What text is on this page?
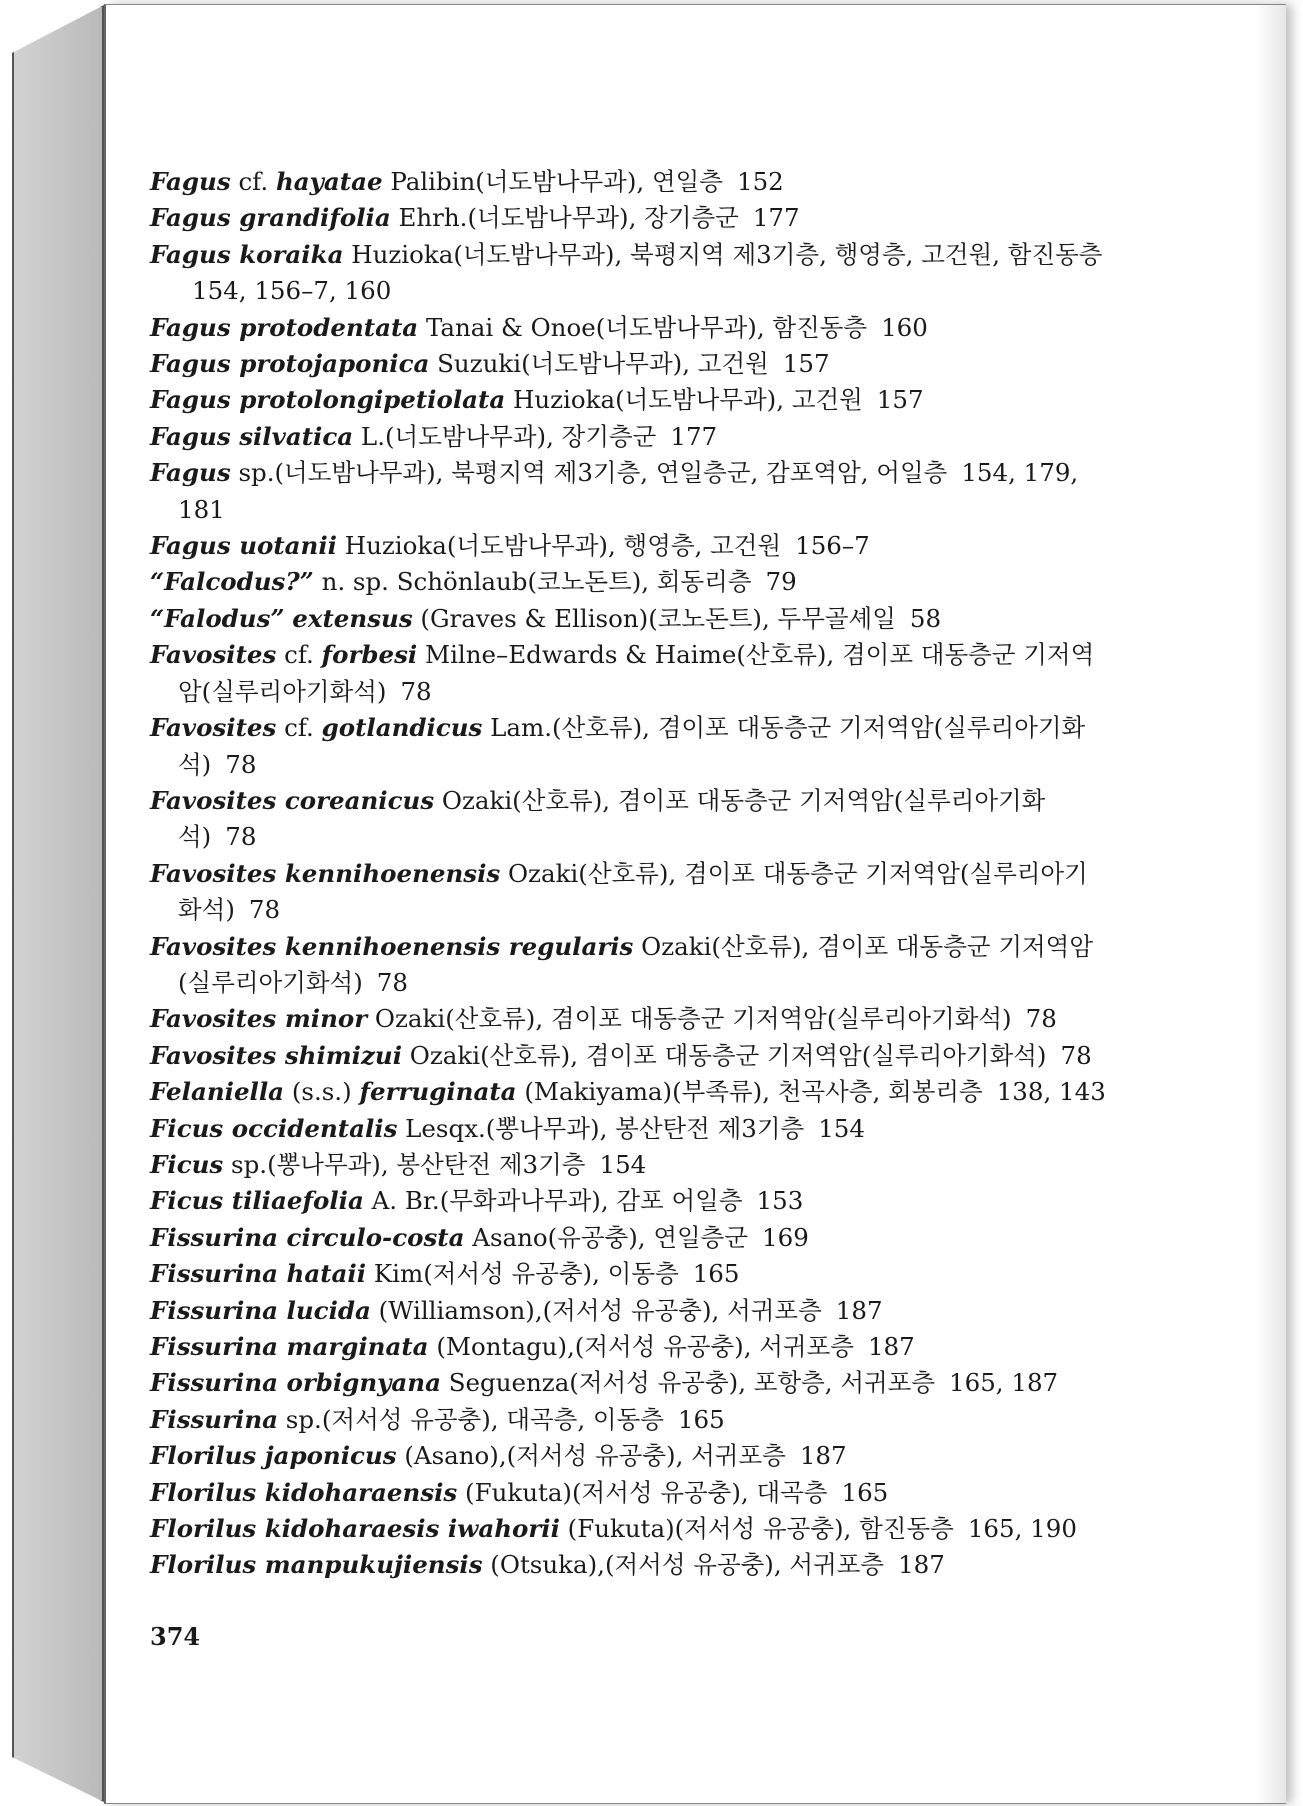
Fagus cf. hayatae Palibin(너도밤나무과), 연일층 152

Fagus grandifolia Ehrh.(너도밤나무과), 장기층군 177

Fagus koraika Huzioka(너도밤나무과), 북평지역 제3기층, 행영층, 고건원, 함진동층154, 156–7, 160

Fagus protodentata Tanai & Onoe(너도밤나무과), 함진동층 160

Fagus protojaponica Suzuki(너도밤나무과), 고건원 157

Fagus protolongipetiolata Huzioka(너도밤나무과), 고건원 157

Fagus silvatica L.(너도밤나무과), 장기층군 177

Fagus sp.(너도밤나무과), 북평지역 제3기층, 연일층군, 감포역암, 어일층 154, 179, 181

Fagus uotanii Huzioka(너도밤나무과), 행영층, 고건원 156–7

“Falcodus?” n. sp. Schönlaub(코노돈트), 회동리층 79

“Falodus” extensus (Graves & Ellison)(코노돈트), 두무골셰일 58

Favosites cf. forbesi Milne–Edwards & Haime(산호류), 겸이포 대동층군 기저역암(실루리아기화석) 78

Favosites cf. gotlandicus Lam.(산호류), 겸이포 대동층군 기저역암(실루리아기화석) 78

Favosites coreanicus Ozaki(산호류), 겸이포 대동층군 기저역암(실루리아기화석) 78

Favosites kennihoenensis Ozaki(산호류), 겸이포 대동층군 기저역암(실루리아기화석) 78

Favosites kennihoenensis regularis Ozaki(산호류), 겸이포 대동층군 기저역암(실루리아기화석) 78

Favosites minor Ozaki(산호류), 겸이포 대동층군 기저역암(실루리아기화석) 78

Favosites shimizui Ozaki(산호류), 겸이포 대동층군 기저역암(실루리아기화석) 78

Felaniella (s.s.) ferruginata (Makiyama)(부족류), 천곡사층, 회봉리층 138, 143

Ficus occidentalis Lesqx.(뽕나무과), 봉산탄전 제3기층 154

Ficus sp.(뽕나무과), 봉산탄전 제3기층 154

Ficus tiliaefolia A. Br.(무화과나무과), 감포 어일층 153

Fissurina circulo-costa Asano(유공충), 연일층군 169

Fissurina hataii Kim(저서성 유공충), 이동층 165

Fissurina lucida (Williamson),(저서성 유공충), 서귀포층 187

Fissurina marginata (Montagu),(저서성 유공충), 서귀포층 187

Fissurina orbignyana Seguenza(저서성 유공충), 포항층, 서귀포층 165, 187

Fissurina sp.(저서성 유공충), 대곡층, 이동층 165

Florilus japonicus (Asano),(저서성 유공충), 서귀포층 187

Florilus kidoharaensis (Fukuta)(저서성 유공충), 대곡층 165

Florilus kidoharaesis iwahorii (Fukuta)(저서성 유공충), 함진동층 165, 190

Florilus manpukujiensis (Otsuka),(저서성 유공충), 서귀포층 187

374
